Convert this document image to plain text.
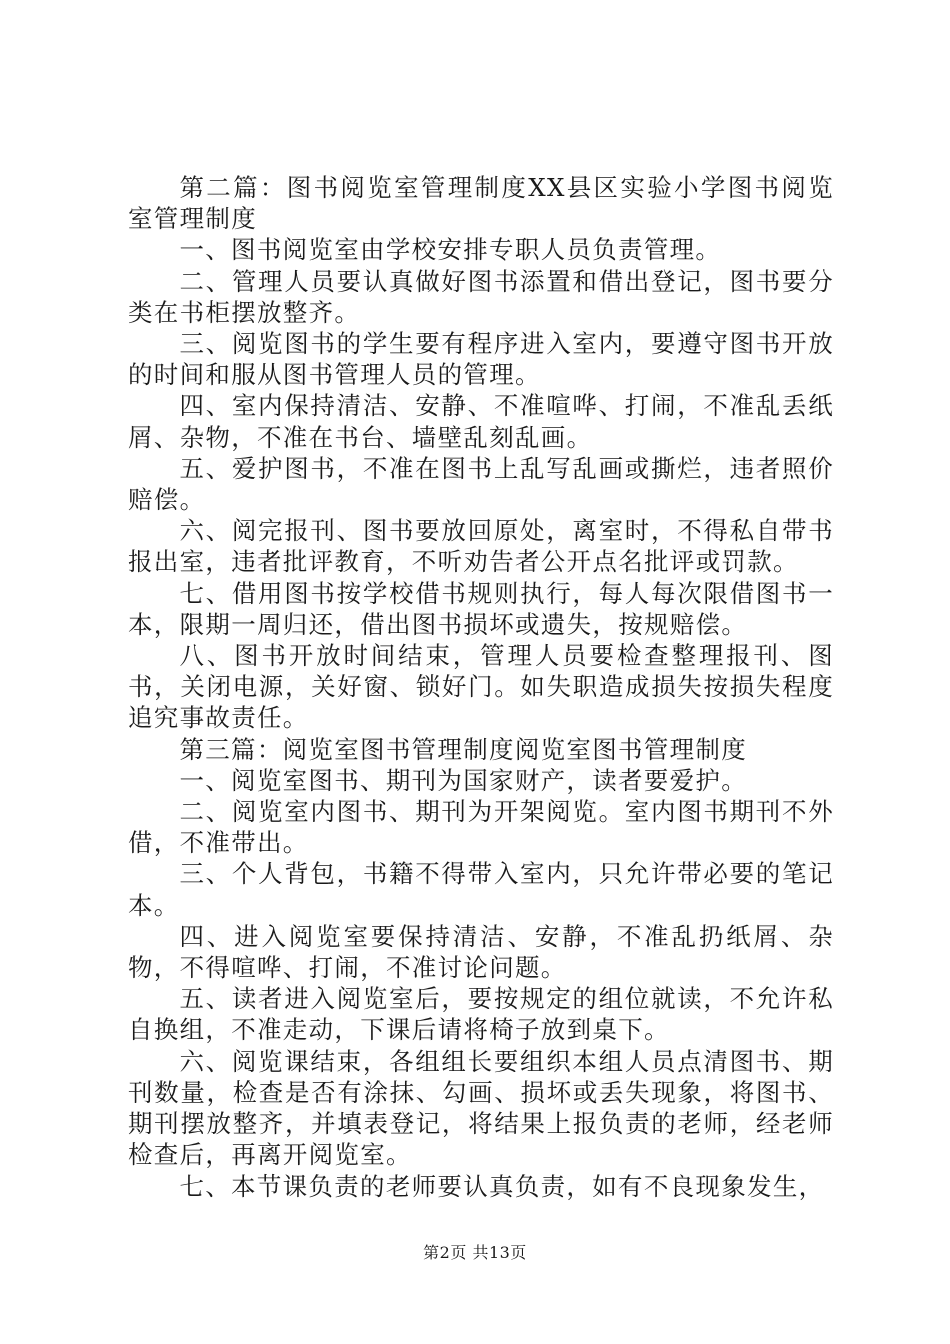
第二篇：图书阅览室管理制度XX县区实验小学图书阅览室管理制度

一、图书阅览室由学校安排专职人员负责管理。

二、管理人员要认真做好图书添置和借出登记，图书要分类在书柜摆放整齐。

三、阅览图书的学生要有程序进入室内，要遵守图书开放的时间和服从图书管理人员的管理。

四、室内保持清洁、安静、不准喧哗、打闹，不准乱丢纸屑、杂物，不准在书台、墙壁乱刻乱画。

五、爱护图书，不准在图书上乱写乱画或撕烂，违者照价赔偿。

六、阅完报刊、图书要放回原处，离室时，不得私自带书报出室，违者批评教育，不听劝告者公开点名批评或罚款。

七、借用图书按学校借书规则执行，每人每次限借图书一本，限期一周归还，借出图书损坏或遗失，按规赔偿。

八、图书开放时间结束，管理人员要检查整理报刊、图书，关闭电源，关好窗、锁好门。如失职造成损失按损失程度追究事故责任。

第三篇：阅览室图书管理制度阅览室图书管理制度

一、阅览室图书、期刊为国家财产，读者要爱护。

二、阅览室内图书、期刊为开架阅览。室内图书期刊不外借，不准带出。

三、个人背包，书籍不得带入室内，只允许带必要的笔记本。

四、进入阅览室要保持清洁、安静，不准乱扔纸屑、杂物，不得喧哗、打闹，不准讨论问题。

五、读者进入阅览室后，要按规定的组位就读，不允许私自换组，不准走动，下课后请将椅子放到桌下。

六、阅览课结束，各组组长要组织本组人员点清图书、期刊数量，检查是否有涂抹、勾画、损坏或丢失现象，将图书、期刊摆放整齐，并填表登记，将结果上报负责的老师，经老师检查后，再离开阅览室。

七、本节课负责的老师要认真负责，如有不良现象发生，

第2页 共13页
